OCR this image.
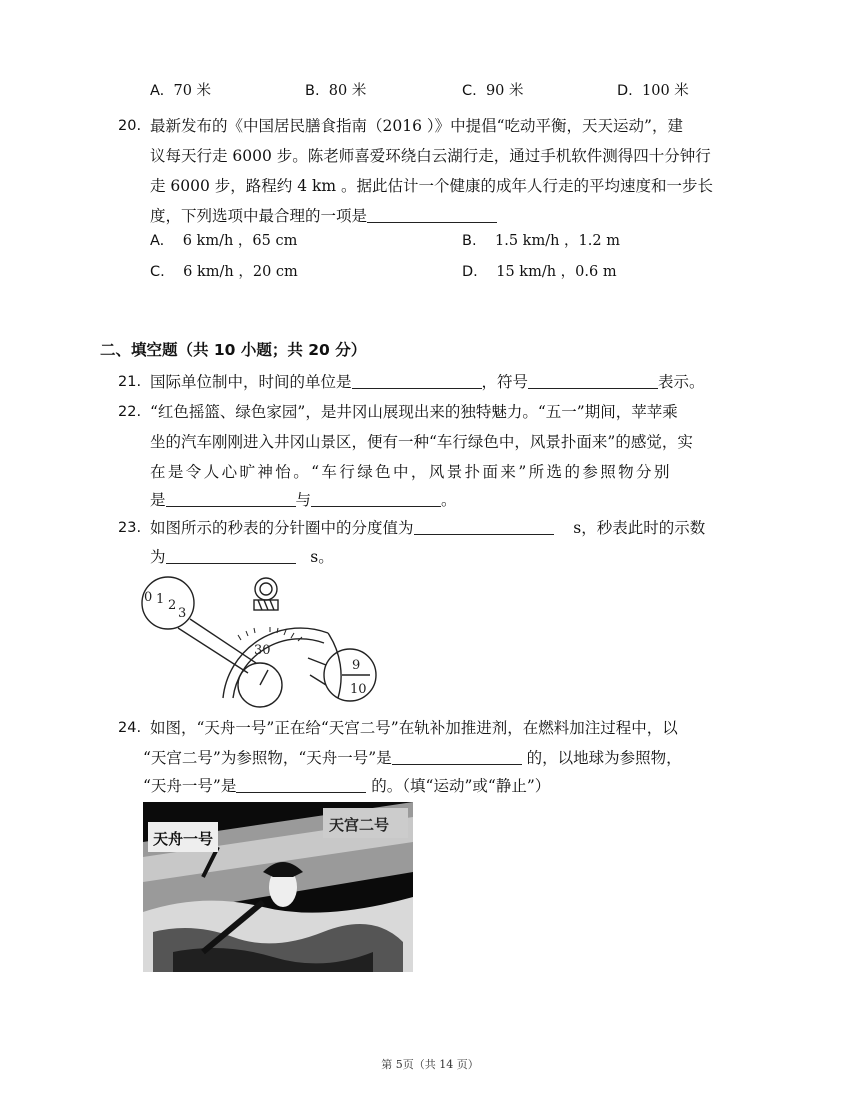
A. 70 米	B. 80 米	C. 90 米	D. 100 米
20. 最新发布的《中国居民膳食指南（2016 ）》中提倡“吃动平衡，天天运动”，建
议每天行走 6000 步。陈老师喜爱环绕白云湖行走，通过手机软件测得四十分钟行
走 6000 步，路程约 4 km 。据此估计一个健康的成年人行走的平均速度和一步长
度，下列选项中最合理的一项是
A. 6 km/h ，65 cm	B. 1.5 km/h ，1.2 m
C. 6 km/h ，20 cm	D. 15 km/h ，0.6 m
二、填空题（共 10 小题；共 20 分）
21. 国际单位制中，时间的单位是	，符号	表示。
22. “红色摇篮、绿色家园”，是井冈山展现出来的独特魅力。“五一”期间，苹苹乘
坐的汽车刚刚进入井冈山景区，便有一种“车行绿色中，风景扑面来”的感觉，实
在是令人心旷神怡。“车行绿色中，风景扑面来”所选的参照物分别
是	与	。
23. 如图所示的秒表的分针圈中的分度值为	s，秒表此时的示数
为	s。
0 1 2
3
30
9
10
24. 如图，“天舟一号”正在给“天宫二号”在轨补加推进剂，在燃料加注过程中，以
“天宫二号”为参照物，“天舟一号”是	的，以地球为参照物，
“天舟一号”是	的。（填“运动”或“静止”）
天舟一号
天宫二号
第 5页（共 14 页）
